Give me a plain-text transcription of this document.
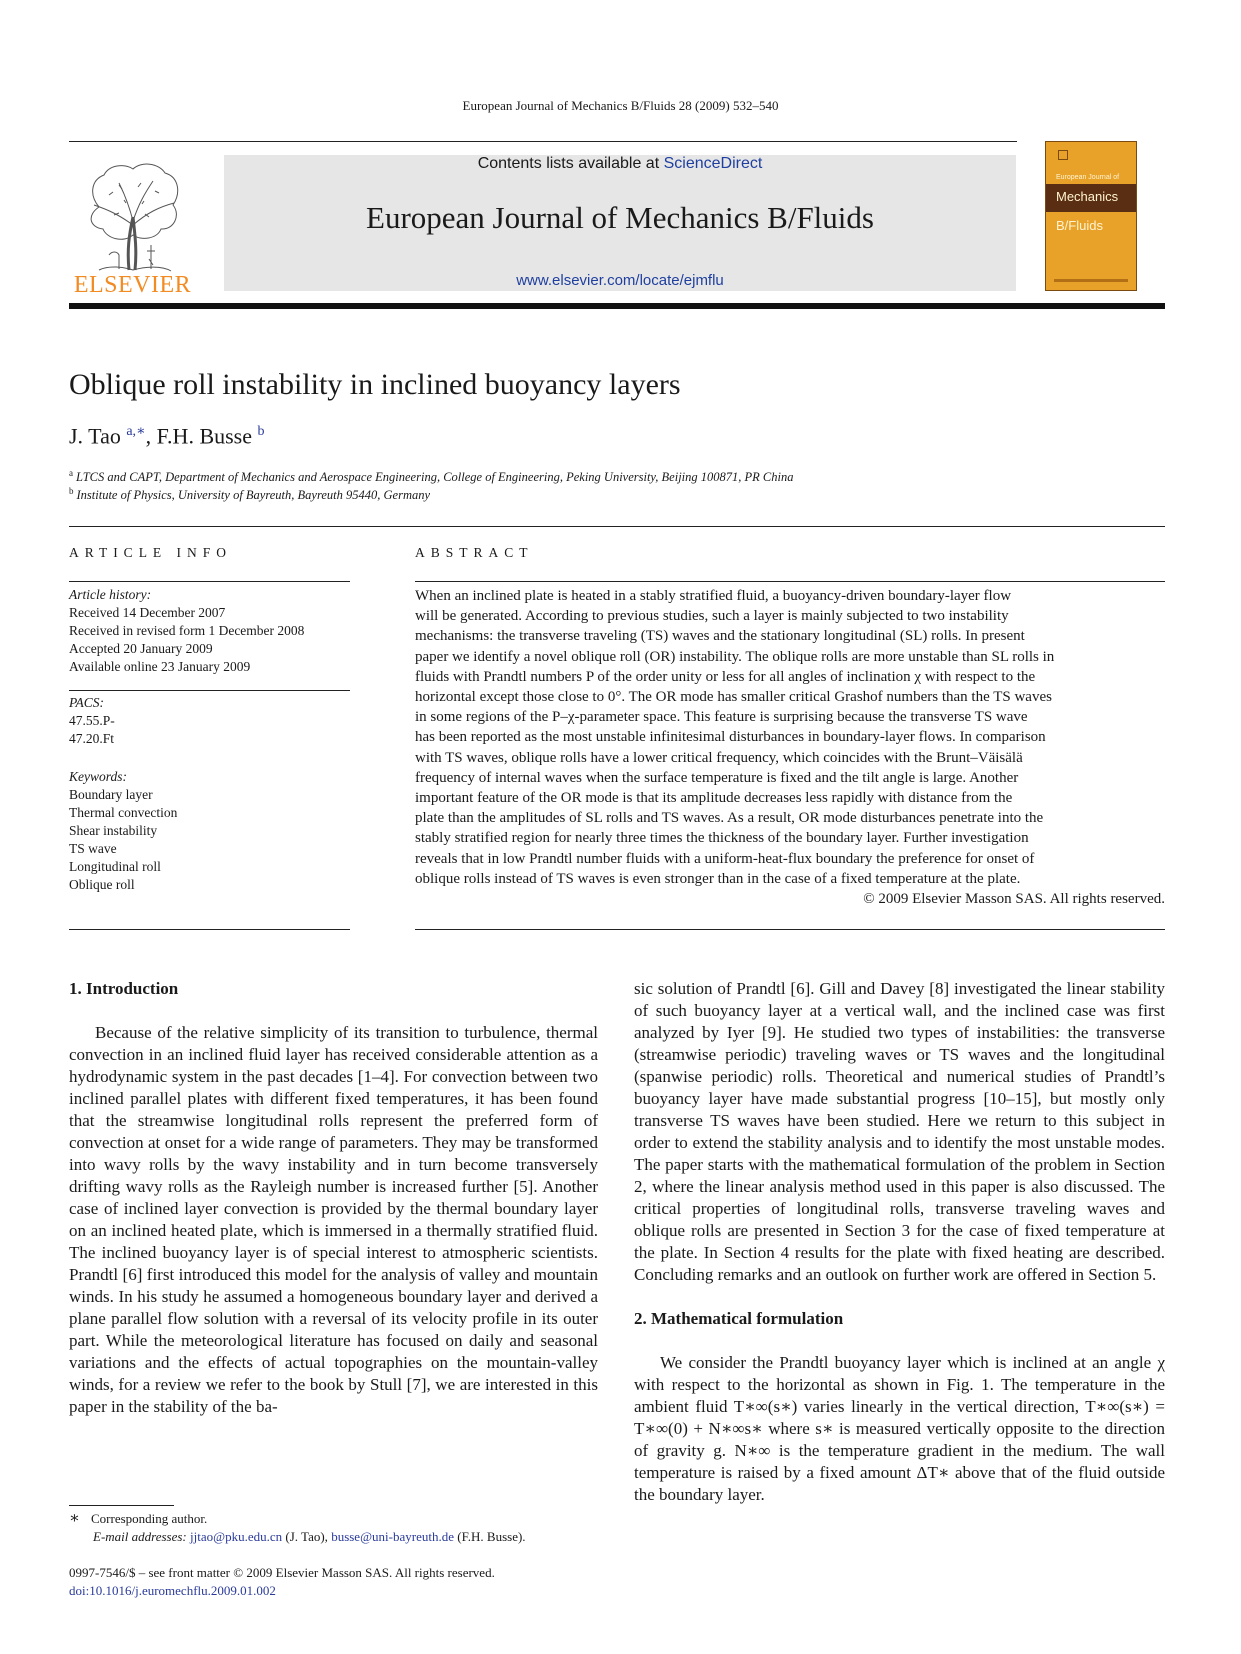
European Journal of Mechanics B/Fluids 28 (2009) 532–540
ELSEVIER
Contents lists available at ScienceDirect
European Journal of Mechanics B/Fluids
www.elsevier.com/locate/ejmflu
European Journal of
Mechanics
B/Fluids
Oblique roll instability in inclined buoyancy layers
J. Tao $^{a,∗}$, F.H. Busse $^b$
$^a$ LTCS and CAPT, Department of Mechanics and Aerospace Engineering, College of Engineering, Peking University, Beijing 100871, PR China
$^b$ Institute of Physics, University of Bayreuth, Bayreuth 95440, Germany
ARTICLE INFO	ABSTRACT
Article history:
Received 14 December 2007
Received in revised form 1 December 2008
Accepted 20 January 2009
Available online 23 January 2009
PACS:
47.55.P-
47.20.Ft
Keywords:
Boundary layer
Thermal convection
Shear instability
TS wave
Longitudinal roll
Oblique roll
When an inclined plate is heated in a stably stratified fluid, a buoyancy-driven boundary-layer flow
will be generated. According to previous studies, such a layer is mainly subjected to two instability
mechanisms: the transverse traveling (TS) waves and the stationary longitudinal (SL) rolls. In present
paper we identify a novel oblique roll (OR) instability. The oblique rolls are more unstable than SL rolls in
fluids with Prandtl numbers P of the order unity or less for all angles of inclination χ with respect to the
horizontal except those close to 0°. The OR mode has smaller critical Grashof numbers than the TS waves
in some regions of the P–χ-parameter space. This feature is surprising because the transverse TS wave
has been reported as the most unstable infinitesimal disturbances in boundary-layer flows. In comparison
with TS waves, oblique rolls have a lower critical frequency, which coincides with the Brunt–Väisälä
frequency of internal waves when the surface temperature is fixed and the tilt angle is large. Another
important feature of the OR mode is that its amplitude decreases less rapidly with distance from the
plate than the amplitudes of SL rolls and TS waves. As a result, OR mode disturbances penetrate into the
stably stratified region for nearly three times the thickness of the boundary layer. Further investigation
reveals that in low Prandtl number fluids with a uniform-heat-flux boundary the preference for onset of
oblique rolls instead of TS waves is even stronger than in the case of a fixed temperature at the plate.
© 2009 Elsevier Masson SAS. All rights reserved.
1. Introduction

Because of the relative simplicity of its transition to turbulence, thermal convection in an inclined fluid layer has received considerable attention as a hydrodynamic system in the past decades [1–4]. For convection between two inclined parallel plates with different fixed temperatures, it has been found that the streamwise longitudinal rolls represent the preferred form of convection at onset for a wide range of parameters. They may be transformed into wavy rolls by the wavy instability and in turn become transversely drifting wavy rolls as the Rayleigh number is increased further [5]. Another case of inclined layer convection is provided by the thermal boundary layer on an inclined heated plate, which is immersed in a thermally stratified fluid. The inclined buoyancy layer is of special interest to atmospheric scientists. Prandtl [6] first introduced this model for the analysis of valley and mountain winds. In his study he assumed a homogeneous boundary layer and derived a plane parallel flow solution with a reversal of its velocity profile in its outer part. While the meteorological literature has focused on daily and seasonal variations and the effects of actual topographies on the mountain-valley winds, for a review we refer to the book by Stull [7], we are interested in this paper in the stability of the ba-

sic solution of Prandtl [6]. Gill and Davey [8] investigated the linear stability of such buoyancy layer at a vertical wall, and the inclined case was first analyzed by Iyer [9]. He studied two types of instabilities: the transverse (streamwise periodic) traveling waves or TS waves and the longitudinal (spanwise periodic) rolls. Theoretical and numerical studies of Prandtl’s buoyancy layer have made substantial progress [10–15], but mostly only transverse TS waves have been studied. Here we return to this subject in order to extend the stability analysis and to identify the most unstable modes. The paper starts with the mathematical formulation of the problem in Section 2, where the linear analysis method used in this paper is also discussed. The critical properties of longitudinal rolls, transverse traveling waves and oblique rolls are presented in Section 3 for the case of fixed temperature at the plate. In Section 4 results for the plate with fixed heating are described. Concluding remarks and an outlook on further work are offered in Section 5.

2. Mathematical formulation

We consider the Prandtl buoyancy layer which is inclined at an angle χ with respect to the horizontal as shown in Fig. 1. The temperature in the ambient fluid T∗∞(s∗) varies linearly in the vertical direction, T∗∞(s∗) = T∗∞(0) + N∗∞s∗ where s∗ is measured vertically opposite to the direction of gravity g. N∗∞ is the temperature gradient in the medium. The wall temperature is raised by a fixed amount ΔT∗ above that of the fluid outside the boundary layer.

∗ Corresponding author.
E-mail addresses: jjtao@pku.edu.cn (J. Tao), busse@uni-bayreuth.de (F.H. Busse).
0997-7546/$ – see front matter © 2009 Elsevier Masson SAS. All rights reserved.
doi:10.1016/j.euromechflu.2009.01.002
